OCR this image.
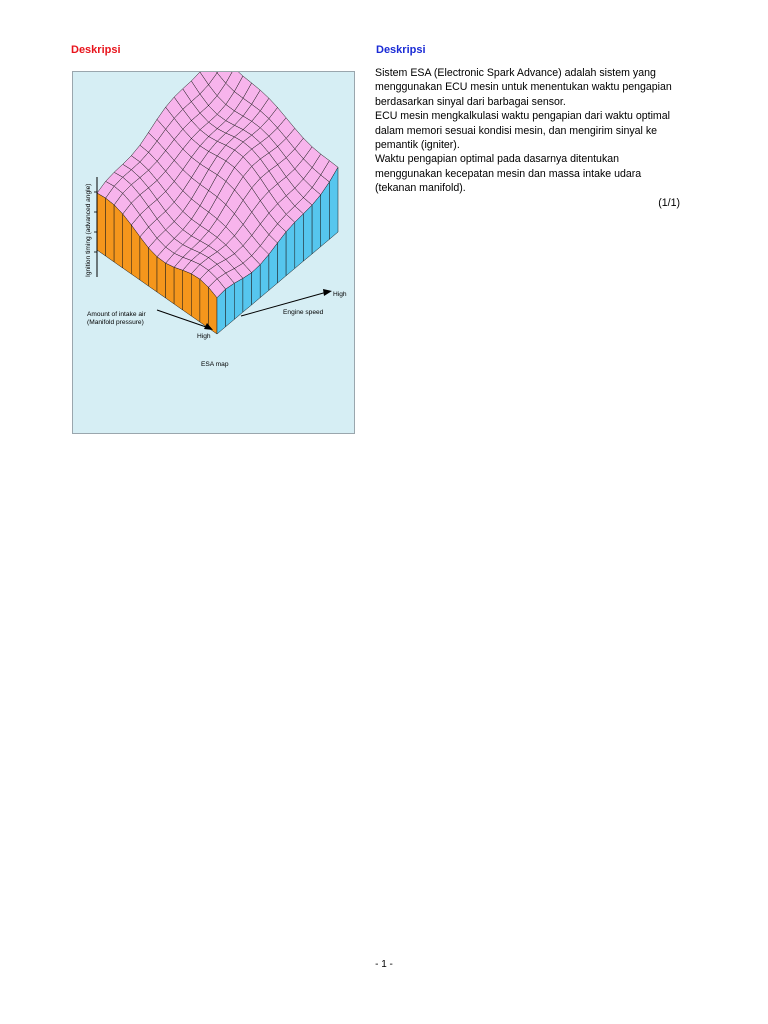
Deskripsi	Deskripsi
Ignition timing (advanced angle)
Amount of intake air
(Manifold pressure)
High
Engine speed
High
ESA map

Sistem ESA (Electronic Spark Advance) adalah sistem yang menggunakan ECU mesin untuk menentukan waktu pengapian berdasarkan sinyal dari barbagai sensor.

ECU mesin mengkalkulasi waktu pengapian dari waktu optimal dalam memori sesuai kondisi mesin, dan mengirim sinyal ke pemantik (igniter).

Waktu pengapian optimal pada dasarnya ditentukan menggunakan kecepatan mesin dan massa intake udara (tekanan manifold).

(1/1)

- 1 -
